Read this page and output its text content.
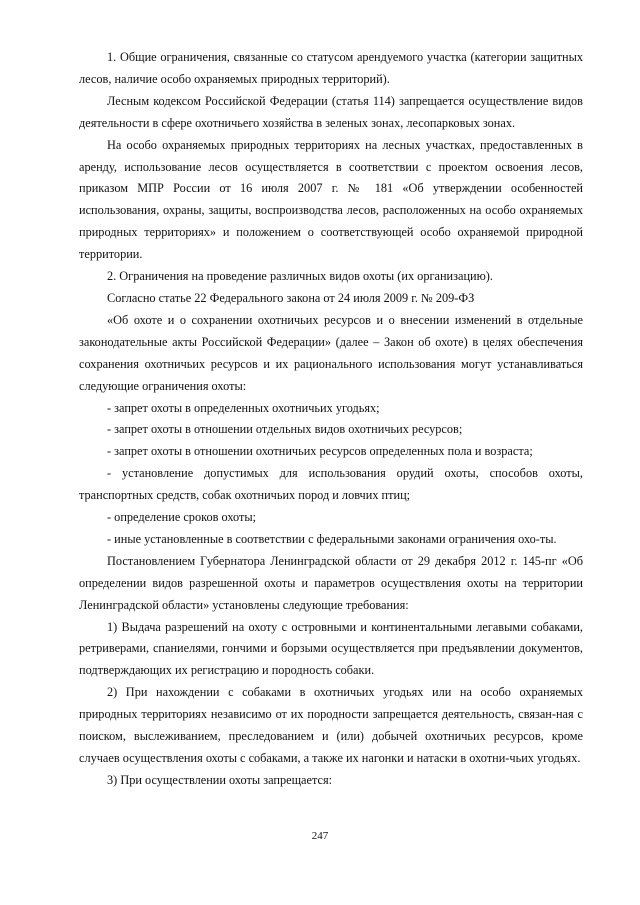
1. Общие ограничения, связанные со статусом арендуемого участка (категории защитных лесов, наличие особо охраняемых природных территорий).

Лесным кодексом Российской Федерации (статья 114) запрещается осуществление видов деятельности в сфере охотничьего хозяйства в зеленых зонах, лесопарковых зонах.

На особо охраняемых природных территориях на лесных участках, предоставленных в аренду, использование лесов осуществляется в соответствии с проектом освоения лесов, приказом МПР России от 16 июля 2007 г. № 181 «Об утверждении особенностей использования, охраны, защиты, воспроизводства лесов, расположенных на особо охраняемых природных территориях» и положением о соответствующей особо охраняемой природной территории.

2. Ограничения на проведение различных видов охоты (их организацию).

Согласно статье 22 Федерального закона от 24 июля 2009 г. № 209-ФЗ

«Об охоте и о сохранении охотничьих ресурсов и о внесении изменений в отдельные законодательные акты Российской Федерации» (далее – Закон об охоте) в целях обеспечения сохранения охотничьих ресурсов и их рационального использования могут устанавливаться следующие ограничения охоты:

- запрет охоты в определенных охотничьих угодьях;

- запрет охоты в отношении отдельных видов охотничьих ресурсов;

- запрет охоты в отношении охотничьих ресурсов определенных пола и возраста;

- установление допустимых для использования орудий охоты, способов охоты, транспортных средств, собак охотничьих пород и ловчих птиц;

- определение сроков охоты;

- иные установленные в соответствии с федеральными законами ограничения охо-ты.

Постановлением Губернатора Ленинградской области от 29 декабря 2012 г. 145-пг «Об определении видов разрешенной охоты и параметров осуществления охоты на территории Ленинградской области» установлены следующие требования:

1) Выдача разрешений на охоту с островными и континентальными легавыми собаками, ретриверами, спаниелями, гончими и борзыми осуществляется при предъявлении документов, подтверждающих их регистрацию и породность собаки.

2) При нахождении с собаками в охотничьих угодьях или на особо охраняемых природных территориях независимо от их породности запрещается деятельность, связан-ная с поиском, выслеживанием, преследованием и (или) добычей охотничьих ресурсов, кроме случаев осуществления охоты с собаками, а также их нагонки и натаски в охотни-чьих угодьях.

3) При осуществлении охоты запрещается:

247
